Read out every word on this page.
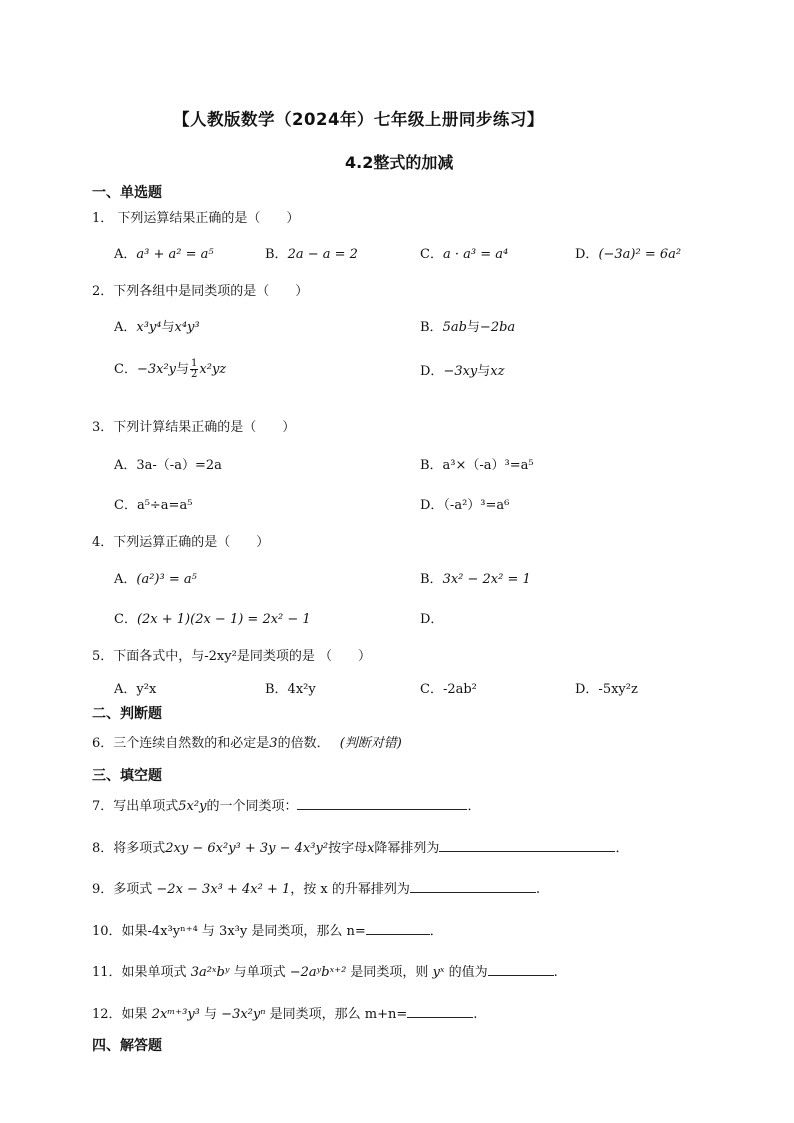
【人教版数学（2024年）七年级上册同步练习】
4.2整式的加减
一、单选题
1． 下列运算结果正确的是（　　）
A．a³ + a² = a⁵	B．2a − a = 2	C．a · a³ = a⁴	D．(−3a)² = 6a²
2．下列各组中是同类项的是（　　）
A．x³y⁴与x⁴y³	B．5ab与−2ba
C．−3x²y与 $\frac{1}{2} x^2yz$	D．−3xy与xz
3．下列计算结果正确的是（　　）
A．3a-（-a）=2a	B．a³×（-a）³=a⁵
C．a⁵÷a=a⁵	D．（-a²）³=a⁶
4．下列运算正确的是（　　）
A．(a²)³ = a⁵	B．3x² − 2x² = 1
C．(2x + 1)(2x − 1) = 2x² − 1	D．
5．下面各式中，与-2xy²是同类项的是 （　　）
A．y²x	B．4x²y	C．-2ab²	D．-5xy²z
二、判断题
6．三个连续自然数的和必定是3的倍数． (判断对错)
三、填空题
7．写出单项式5x²y的一个同类项：	．
8．将多项式2xy − 6x²y³ + 3y − 4x³y²按字母x降幂排列为	．
9．多项式 −2x − 3x³ + 4x² + 1，按 x 的升幂排列为	.
10．如果-4x³yⁿ⁺⁴ 与 3x³y 是同类项，那么 n=	．
11．如果单项式 3a²ˣbʸ 与单项式 −2aʸbˣ⁺² 是同类项，则 yˣ 的值为	.
12．如果 2xᵐ⁺³y³ 与 −3x²yⁿ 是同类项，那么 m+n=	.
四、解答题
